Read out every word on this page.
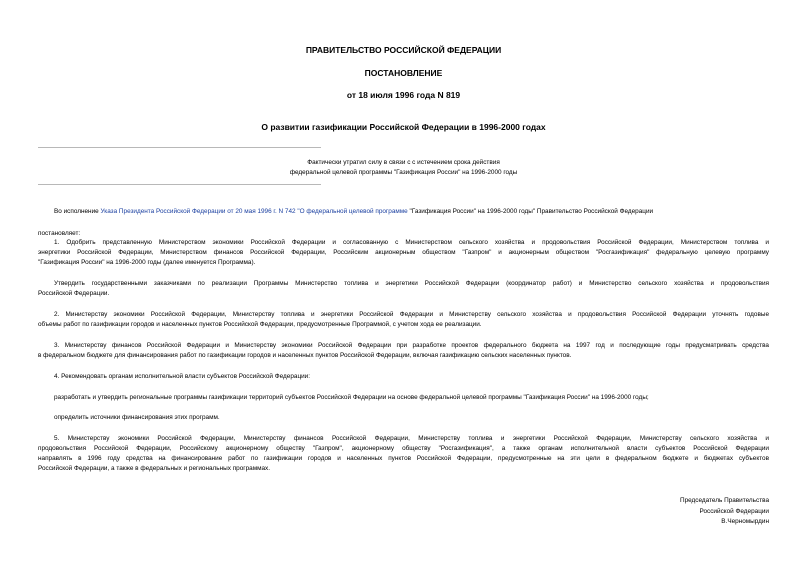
ПРАВИТЕЛЬСТВО РОССИЙСКОЙ ФЕДЕРАЦИИ
ПОСТАНОВЛЕНИЕ
от 18 июля 1996 года N 819
О развитии газификации Российской Федерации в 1996-2000 годах
Фактически утратил силу в связи с с истечением срока действия
федеральной целевой программы "Газификация России" на 1996-2000 годы

Во исполнение Указа Президента Российской Федерации от 20 мая 1996 г. N 742 "О федеральной целевой программе "Газификация России" на 1996-2000 годы" Правительство Российской Федерации

постановляет:

1. Одобрить представленную Министерством экономики Российской Федерации и согласованную с Министерством сельского хозяйства и продовольствия Российской Федерации, Министерством топлива и
энергетики Российской Федерации, Министерством финансов Российской Федерации, Российским акционерным обществом "Газпром" и акционерным обществом "Росгазификация" федеральную целевую программу
"Газификация России" на 1996-2000 годы (далее именуется Программа).

Утвердить государственными заказчиками по реализации Программы Министерство топлива и энергетики Российской Федерации (координатор работ) и Министерство сельского хозяйства и продовольствия
Российской Федерации.

2. Министерству экономики Российской Федерации, Министерству топлива и энергетики Российской Федерации и Министерству сельского хозяйства и продовольствия Российской Федерации уточнять годовые
объемы работ по газификации городов и населенных пунктов Российской Федерации, предусмотренные Программой, с учетом хода ее реализации.

3. Министерству финансов Российской Федерации и Министерству экономики Российской Федерации при разработке проектов федерального бюджета на 1997 год и последующие годы предусматривать средства
в федеральном бюджете для финансирования работ по газификации городов и населенных пунктов Российской Федерации, включая газификацию сельских населенных пунктов.

4. Рекомендовать органам исполнительной власти субъектов Российской Федерации:

разработать и утвердить региональные программы газификации территорий субъектов Российской Федерации на основе федеральной целевой программы "Газификация России" на 1996-2000 годы;

определить источники финансирования этих программ.

5. Министерству экономики Российской Федерации, Министерству финансов Российской Федерации, Министерству топлива и энергетики Российской Федерации, Министерству сельского хозяйства и
продовольствия Российской Федерации, Российскому акционерному обществу "Газпром", акционерному обществу "Росгазификация", а также органам исполнительной власти субъектов Российской Федерации
направлять в 1996 году средства на финансирование работ по газификации городов и населенных пунктов Российской Федерации, предусмотренные на эти цели в федеральном бюджете и бюджетах субъектов
Российской Федерации, а также в федеральных и региональных программах.

Председатель Правительства
Российской Федерации
В.Черномырдин
